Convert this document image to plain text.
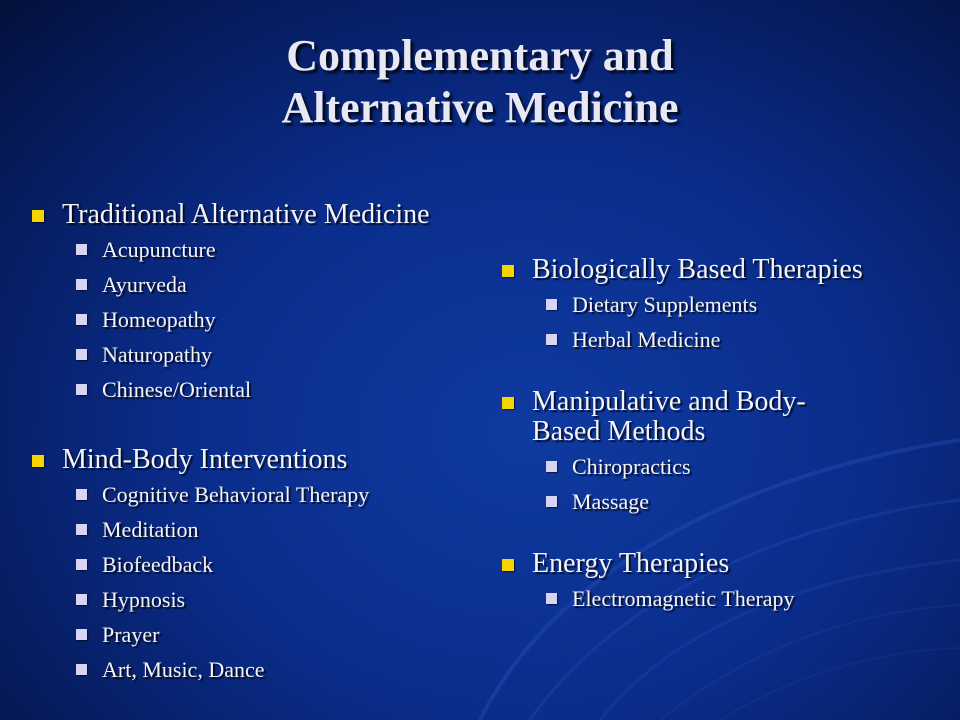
Complementary and
Alternative Medicine
Traditional Alternative Medicine
Acupuncture
Ayurveda
Homeopathy
Naturopathy
Chinese/Oriental
Mind-Body Interventions
Cognitive Behavioral Therapy
Meditation
Biofeedback
Hypnosis
Prayer
Art, Music, Dance
Biologically Based Therapies
Dietary Supplements
Herbal Medicine
Manipulative and Body-
Based Methods
Chiropractics
Massage
Energy Therapies
Electromagnetic Therapy
